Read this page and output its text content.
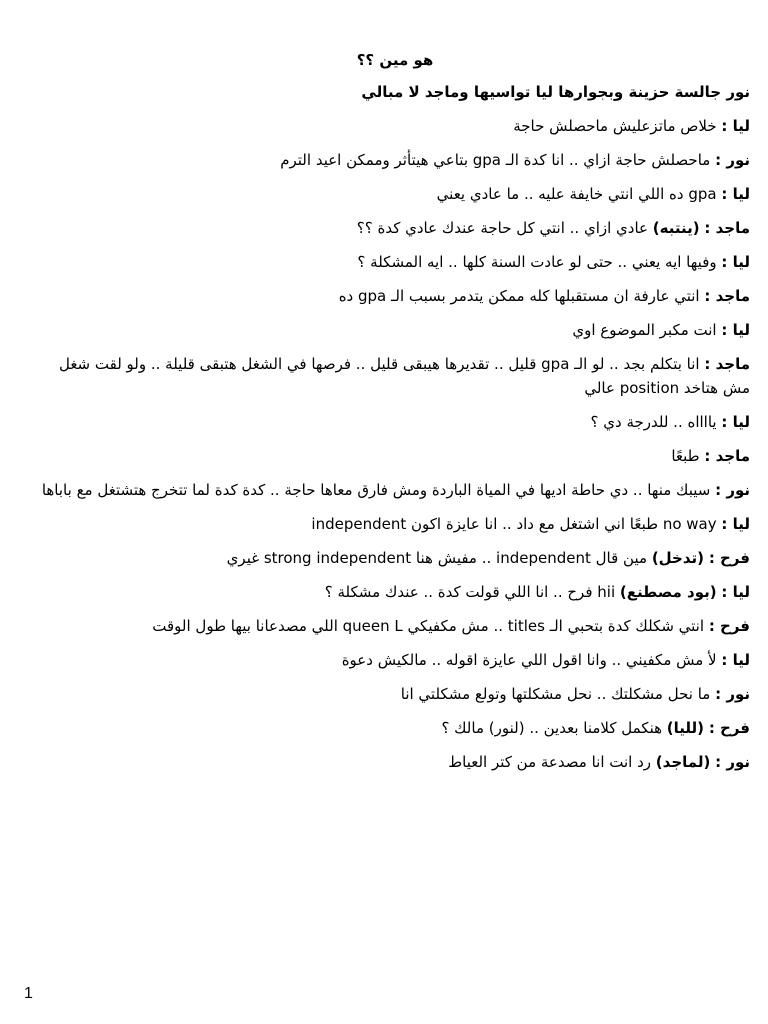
هو مين ؟؟
نور جالسة حزينة وبجوارها ليا تواسيها وماجد لا مبالي
ليا : خلاص ماتزعليش ماحصلش حاجة
نور : ماحصلش حاجة ازاي .. انا كدة الـ gpa بتاعي هيتأثر وممكن اعيد الترم
ليا : gpa ده اللي انتي خايفة عليه .. ما عادي يعني
ماجد : (ينتبه) عادي ازاي .. انتي كل حاجة عندك عادي كدة ؟؟
ليا : وفيها ايه يعني .. حتى لو عادت السنة كلها .. ايه المشكلة ؟
ماجد : انتي عارفة ان مستقبلها كله ممكن يتدمر بسبب الـ gpa ده
ليا : انت مكبر الموضوع اوي
ماجد : انا بتكلم بجد .. لو الـ gpa قليل .. تقديرها هيبقى قليل .. فرصها في الشغل هتبقى قليلة .. ولو لقت شغل مش هتاخد position عالي
ليا : يااااه .. للدرجة دي ؟
ماجد : طبعًا
نور : سيبك منها .. دي حاطة اديها في المياة الباردة ومش فارق معاها حاجة .. كدة كدة لما تتخرج هتشتغل مع باباها
ليا : no way طبعًا اني اشتغل مع داد .. انا عايزة اكون independent
فرح : (تدخل) مين قال independent .. مفيش هنا strong independent غيري
ليا : (بود مصطنع) hii فرح .. انا اللي قولت كدة .. عندك مشكلة ؟
فرح : انتي شكلك كدة بتحبي الـ titles .. مش مكفيكي queen L اللي مصدعانا بيها طول الوقت
ليا : لأ مش مكفيني .. وانا اقول اللي عايزة اقوله .. مالكيش دعوة
نور : ما نحل مشكلتك .. نحل مشكلتها وتولع مشكلتي انا
فرح : (لليا) هنكمل كلامنا بعدين .. (لنور) مالك ؟
نور : (لماجد) رد انت انا مصدعة من كتر العياط
1
